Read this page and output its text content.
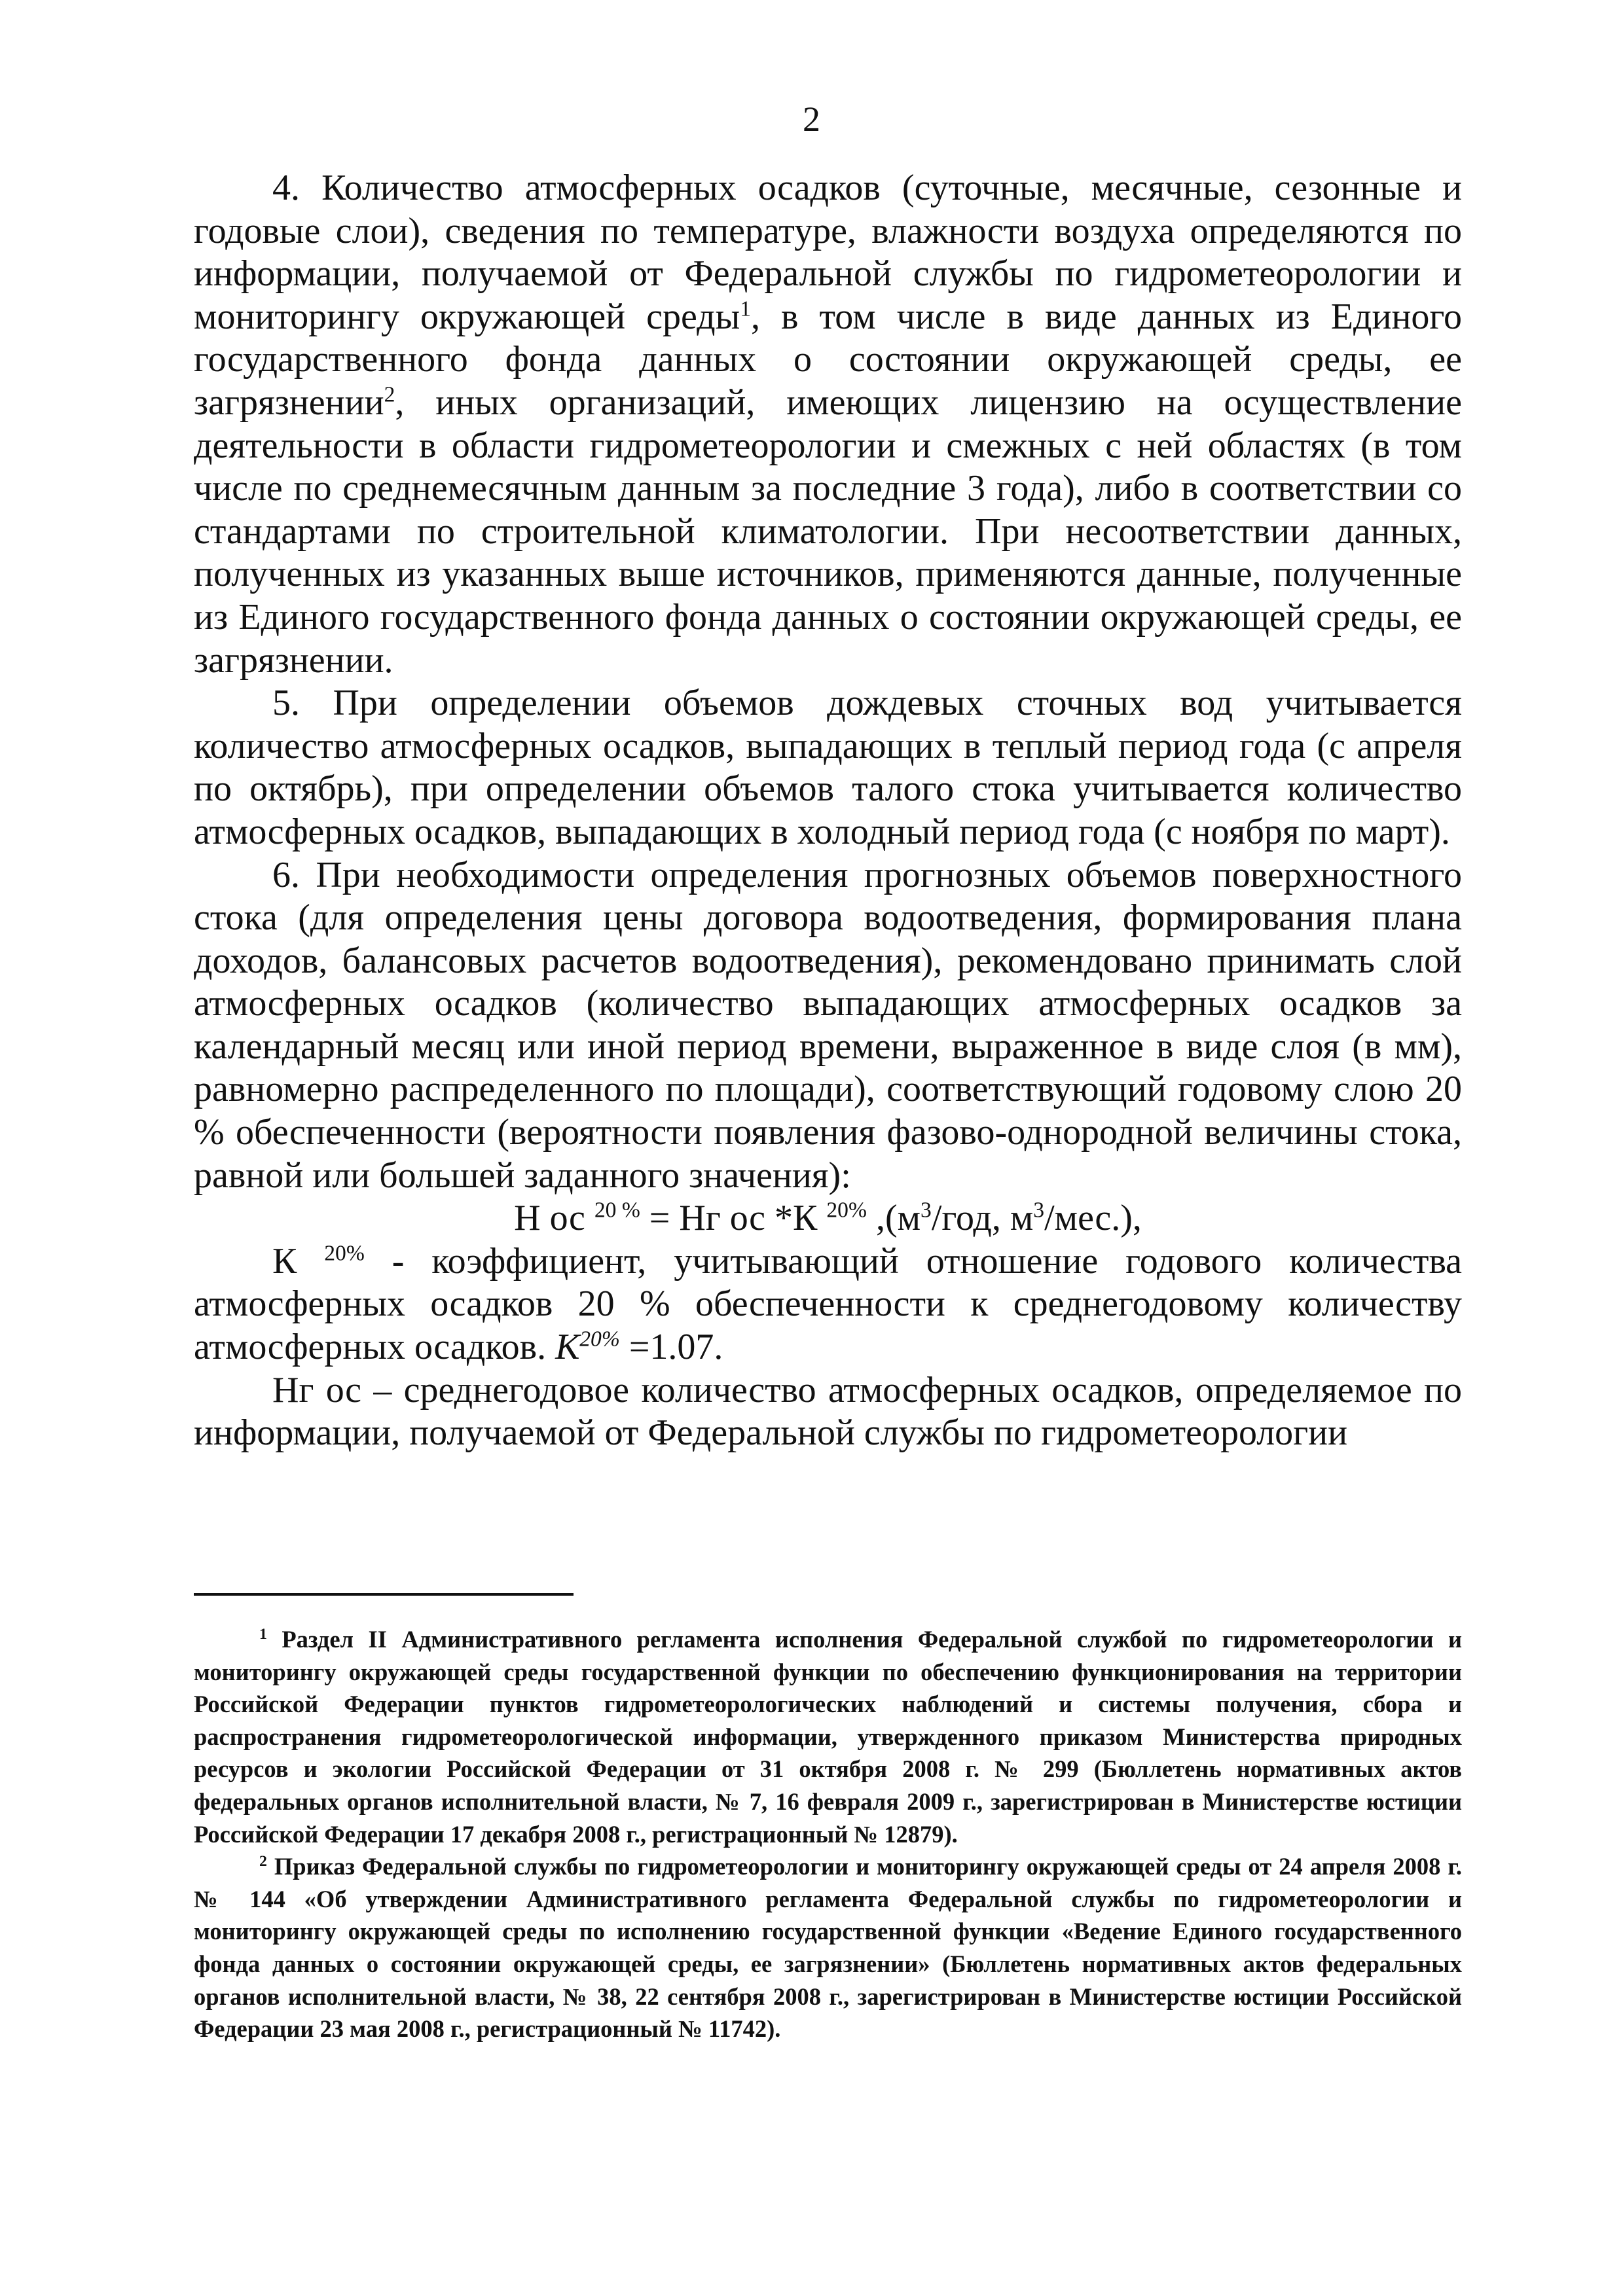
2

4. Количество атмосферных осадков (суточные, месячные, сезонные и годовые слои), сведения по температуре, влажности воздуха определяются по информации, получаемой от Федеральной службы по гидрометеорологии и мониторингу окружающей среды$^1$, в том числе в виде данных из Единого государственного фонда данных о состоянии окружающей среды, ее загрязнении$^2$, иных организаций, имеющих лицензию на осуществление деятельности в области гидрометеорологии и смежных с ней областях (в том числе по среднемесячным данным за последние 3 года), либо в соответствии со стандартами по строительной климатологии. При несоответствии данных, полученных из указанных выше источников, применяются данные, полученные из Единого государственного фонда данных о состоянии окружающей среды, ее загрязнении.

5. При определении объемов дождевых сточных вод учитывается количество атмосферных осадков, выпадающих в теплый период года (с апреля по октябрь), при определении объемов талого стока учитывается количество атмосферных осадков, выпадающих в холодный период года (с ноября по март).

6. При необходимости определения прогнозных объемов поверхностного стока (для определения цены договора водоотведения, формирования плана доходов, балансовых расчетов водоотведения), рекомендовано принимать слой атмосферных осадков (количество выпадающих атмосферных осадков за календарный месяц или иной период времени, выраженное в виде слоя (в мм), равномерно распределенного по площади), соответствующий годовому слою 20 % обеспеченности (вероятности появления фазово-однородной величины стока, равной или большей заданного значения):

Н ос $^{20 \%}$ = Нг ос *К $^{20\%}$ $,(м^3$/год, $м^3/мес$.),

К $^{20\%}$ - коэффициент, учитывающий отношение годового количества атмосферных осадков 20 % обеспеченности к среднегодовому количеству атмосферных осадков. $К^{20\%} =1.07$.

Нг ос – среднегодовое количество атмосферных осадков, определяемое по информации, получаемой от Федеральной службы по гидрометеорологии

$^1$ Раздел II Административного регламента исполнения Федеральной службой по гидрометеорологии и мониторингу окружающей среды государственной функции по обеспечению функционирования на территории Российской Федерации пунктов гидрометеорологических наблюдений и системы получения, сбора и распространения гидрометеорологической информации, утвержденного приказом Министерства природных ресурсов и экологии Российской Федерации от 31 октября 2008 г. № 299 (Бюллетень нормативных актов федеральных органов исполнительной власти, № 7, 16 февраля 2009 г., зарегистрирован в Министерстве юстиции Российской Федерации 17 декабря 2008 г., регистрационный № 12879).

$^2$ Приказ Федеральной службы по гидрометеорологии и мониторингу окружающей среды от 24 апреля 2008 г. № 144 «Об утверждении Административного регламента Федеральной службы по гидрометеорологии и мониторингу окружающей среды по исполнению государственной функции «Ведение Единого государственного фонда данных о состоянии окружающей среды, ее загрязнении» (Бюллетень нормативных актов федеральных органов исполнительной власти, № 38, 22 сентября 2008 г., зарегистрирован в Министерстве юстиции Российской Федерации 23 мая 2008 г., регистрационный № 11742).
